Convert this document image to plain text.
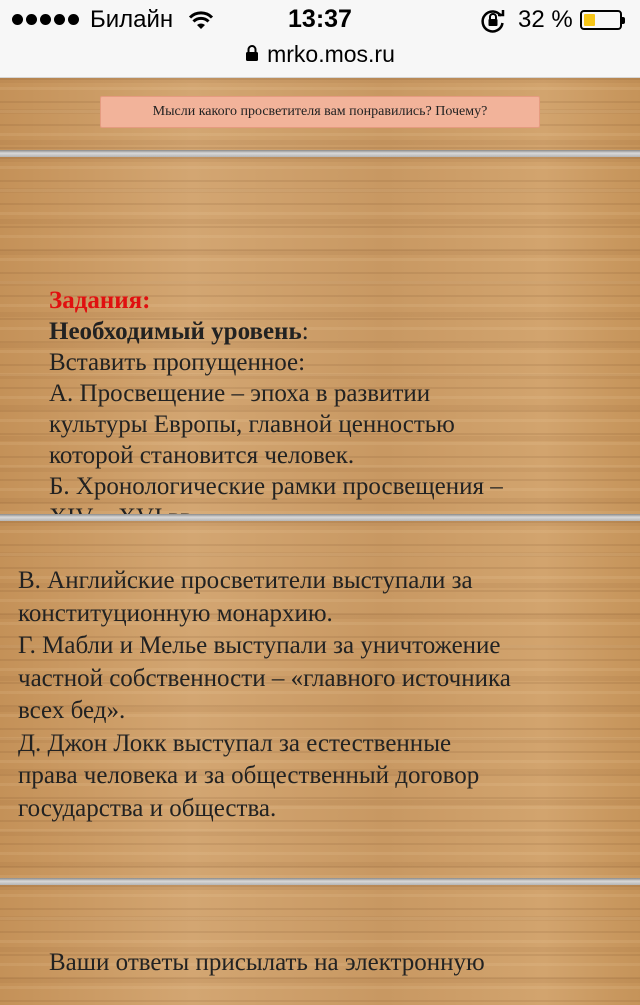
Билайн	13:37	32 %
mrko.mos.ru
Мысли какого просветителя вам понравились? Почему?

Задания:

Необходимый уровень:

Вставить пропущенное:

А. Просвещение – эпоха в развитии

культуры Европы, главной ценностью

которой становится человек.

Б. Хронологические рамки просвещения –

В. Английские просветители выступали за

конституционную монархию.

Г. Мабли и Мелье выступали за уничтожение

частной собственности – «главного источника

всех бед».

Д. Джон Локк выступал за естественные

права человека и за общественный договор

государства и общества.

Ваши ответы присылать на электронную
